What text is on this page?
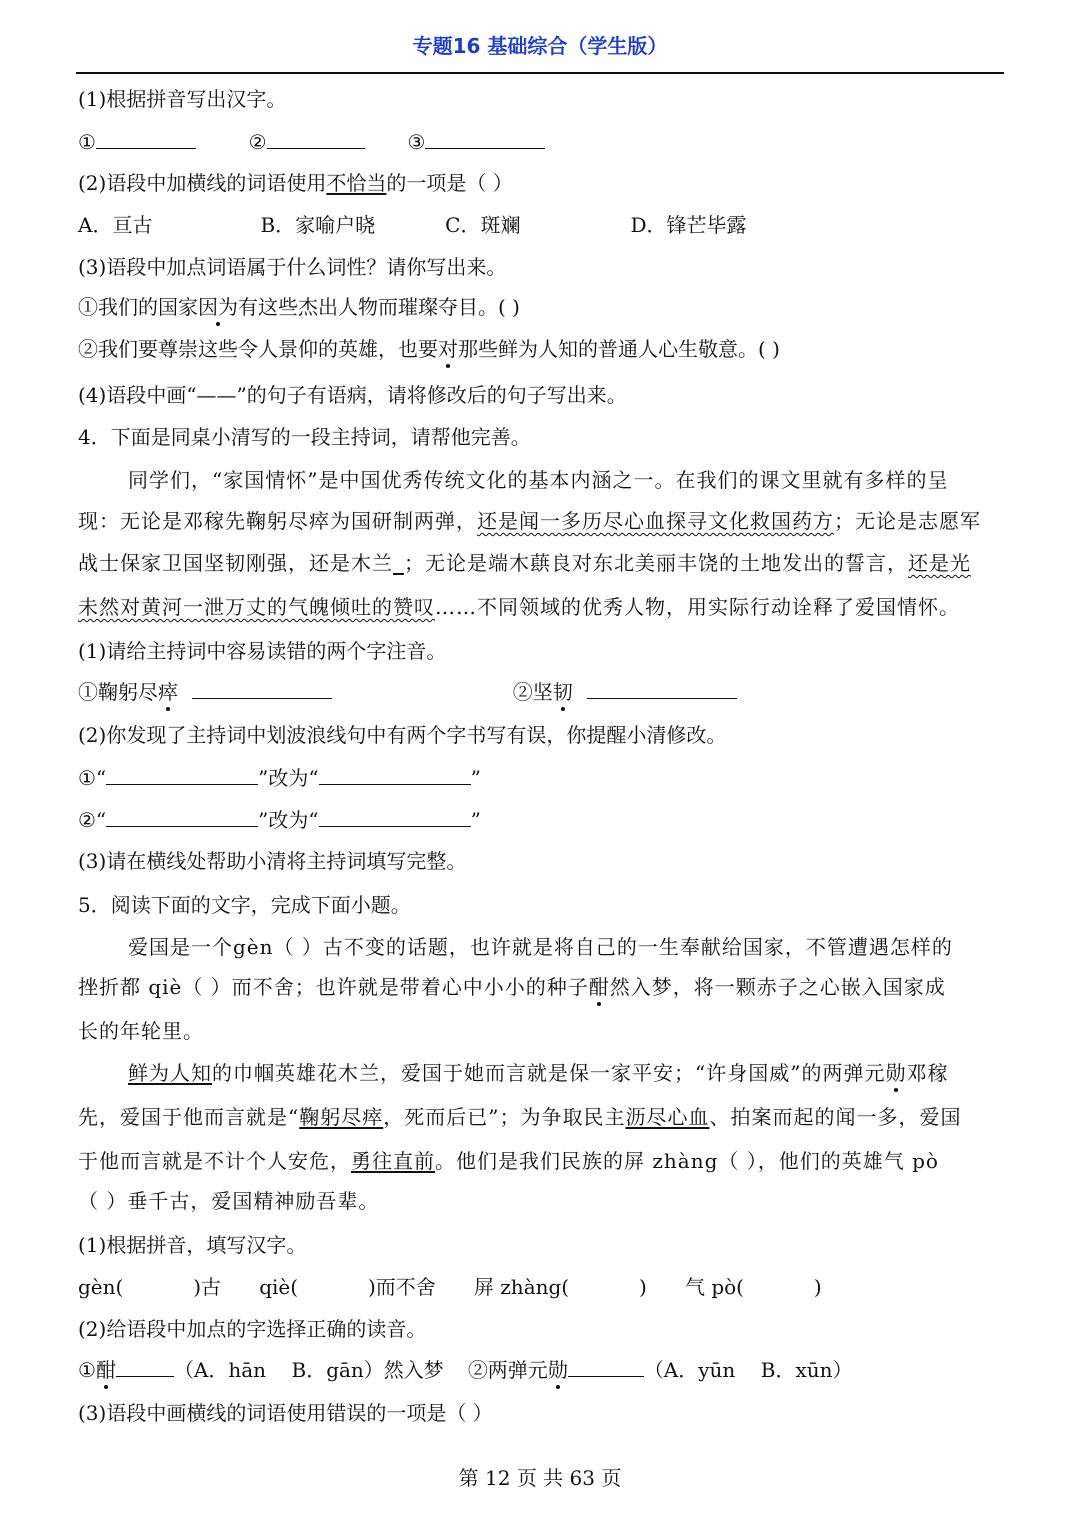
专题16 基础综合（学生版）
(1)根据拼音写出汉字。
①	②	③
(2)语段中加横线的词语使用不恰当的一项是（ ）
A．亘古	B．家喻户晓	C．斑斓	D．锋芒毕露
(3)语段中加点词语属于什么词性？请你写出来。
①我们的国家因为有这些杰出人物而璀璨夺目。( )
②我们要尊崇这些令人景仰的英雄，也要对那些鲜为人知的普通人心生敬意。( )
(4)语段中画“——”的句子有语病，请将修改后的句子写出来。
4．下面是同桌小清写的一段主持词，请帮他完善。
同学们，“家国情怀”是中国优秀传统文化的基本内涵之一。在我们的课文里就有多样的呈
现：无论是邓稼先鞠躬尽瘁为国研制两弹，还是闻一多历尽心血探寻文化救国药方；无论是志愿军
战士保家卫国坚韧刚强，还是木兰_；无论是端木蕻良对东北美丽丰饶的土地发出的誓言，还是光
未然对黄河一泄万丈的气魄倾吐的赞叹……不同领域的优秀人物，用实际行动诠释了爱国情怀。
(1)请给主持词中容易读错的两个字注音。
①鞠躬尽瘁	②坚韧
(2)你发现了主持词中划波浪线句中有两个字书写有误，你提醒小清修改。
①“	”改为“	”
②“	”改为“	”
(3)请在横线处帮助小清将主持词填写完整。
5．阅读下面的文字，完成下面小题。
爱国是一个gèn（ ）古不变的话题，也许就是将自己的一生奉献给国家，不管遭遇怎样的
挫折都 qiè（ ）而不舍；也许就是带着心中小小的种子酣然入梦，将一颗赤子之心嵌入国家成
长的年轮里。
鲜为人知的巾帼英雄花木兰，爱国于她而言就是保一家平安；“许身国威”的两弹元勋邓稼
先，爱国于他而言就是“鞠躬尽瘁，死而后已”；为争取民主沥尽心血、拍案而起的闻一多，爱国
于他而言就是不计个人安危，勇往直前。他们是我们民族的屏 zhàng（ ），他们的英雄气 pò
（ ）垂千古，爱国精神励吾辈。
(1)根据拼音，填写汉字。
gèn(           )古      qiè(           )而不舍      屏 zhàng(           )      气 pò(           )
(2)给语段中加点的字选择正确的读音。
①酣	（A．hān    B．gān）然入梦 ②两弹元勋	（A．yūn    B．xūn）
(3)语段中画横线的词语使用错误的一项是（ ）
第 12 页 共 63 页
